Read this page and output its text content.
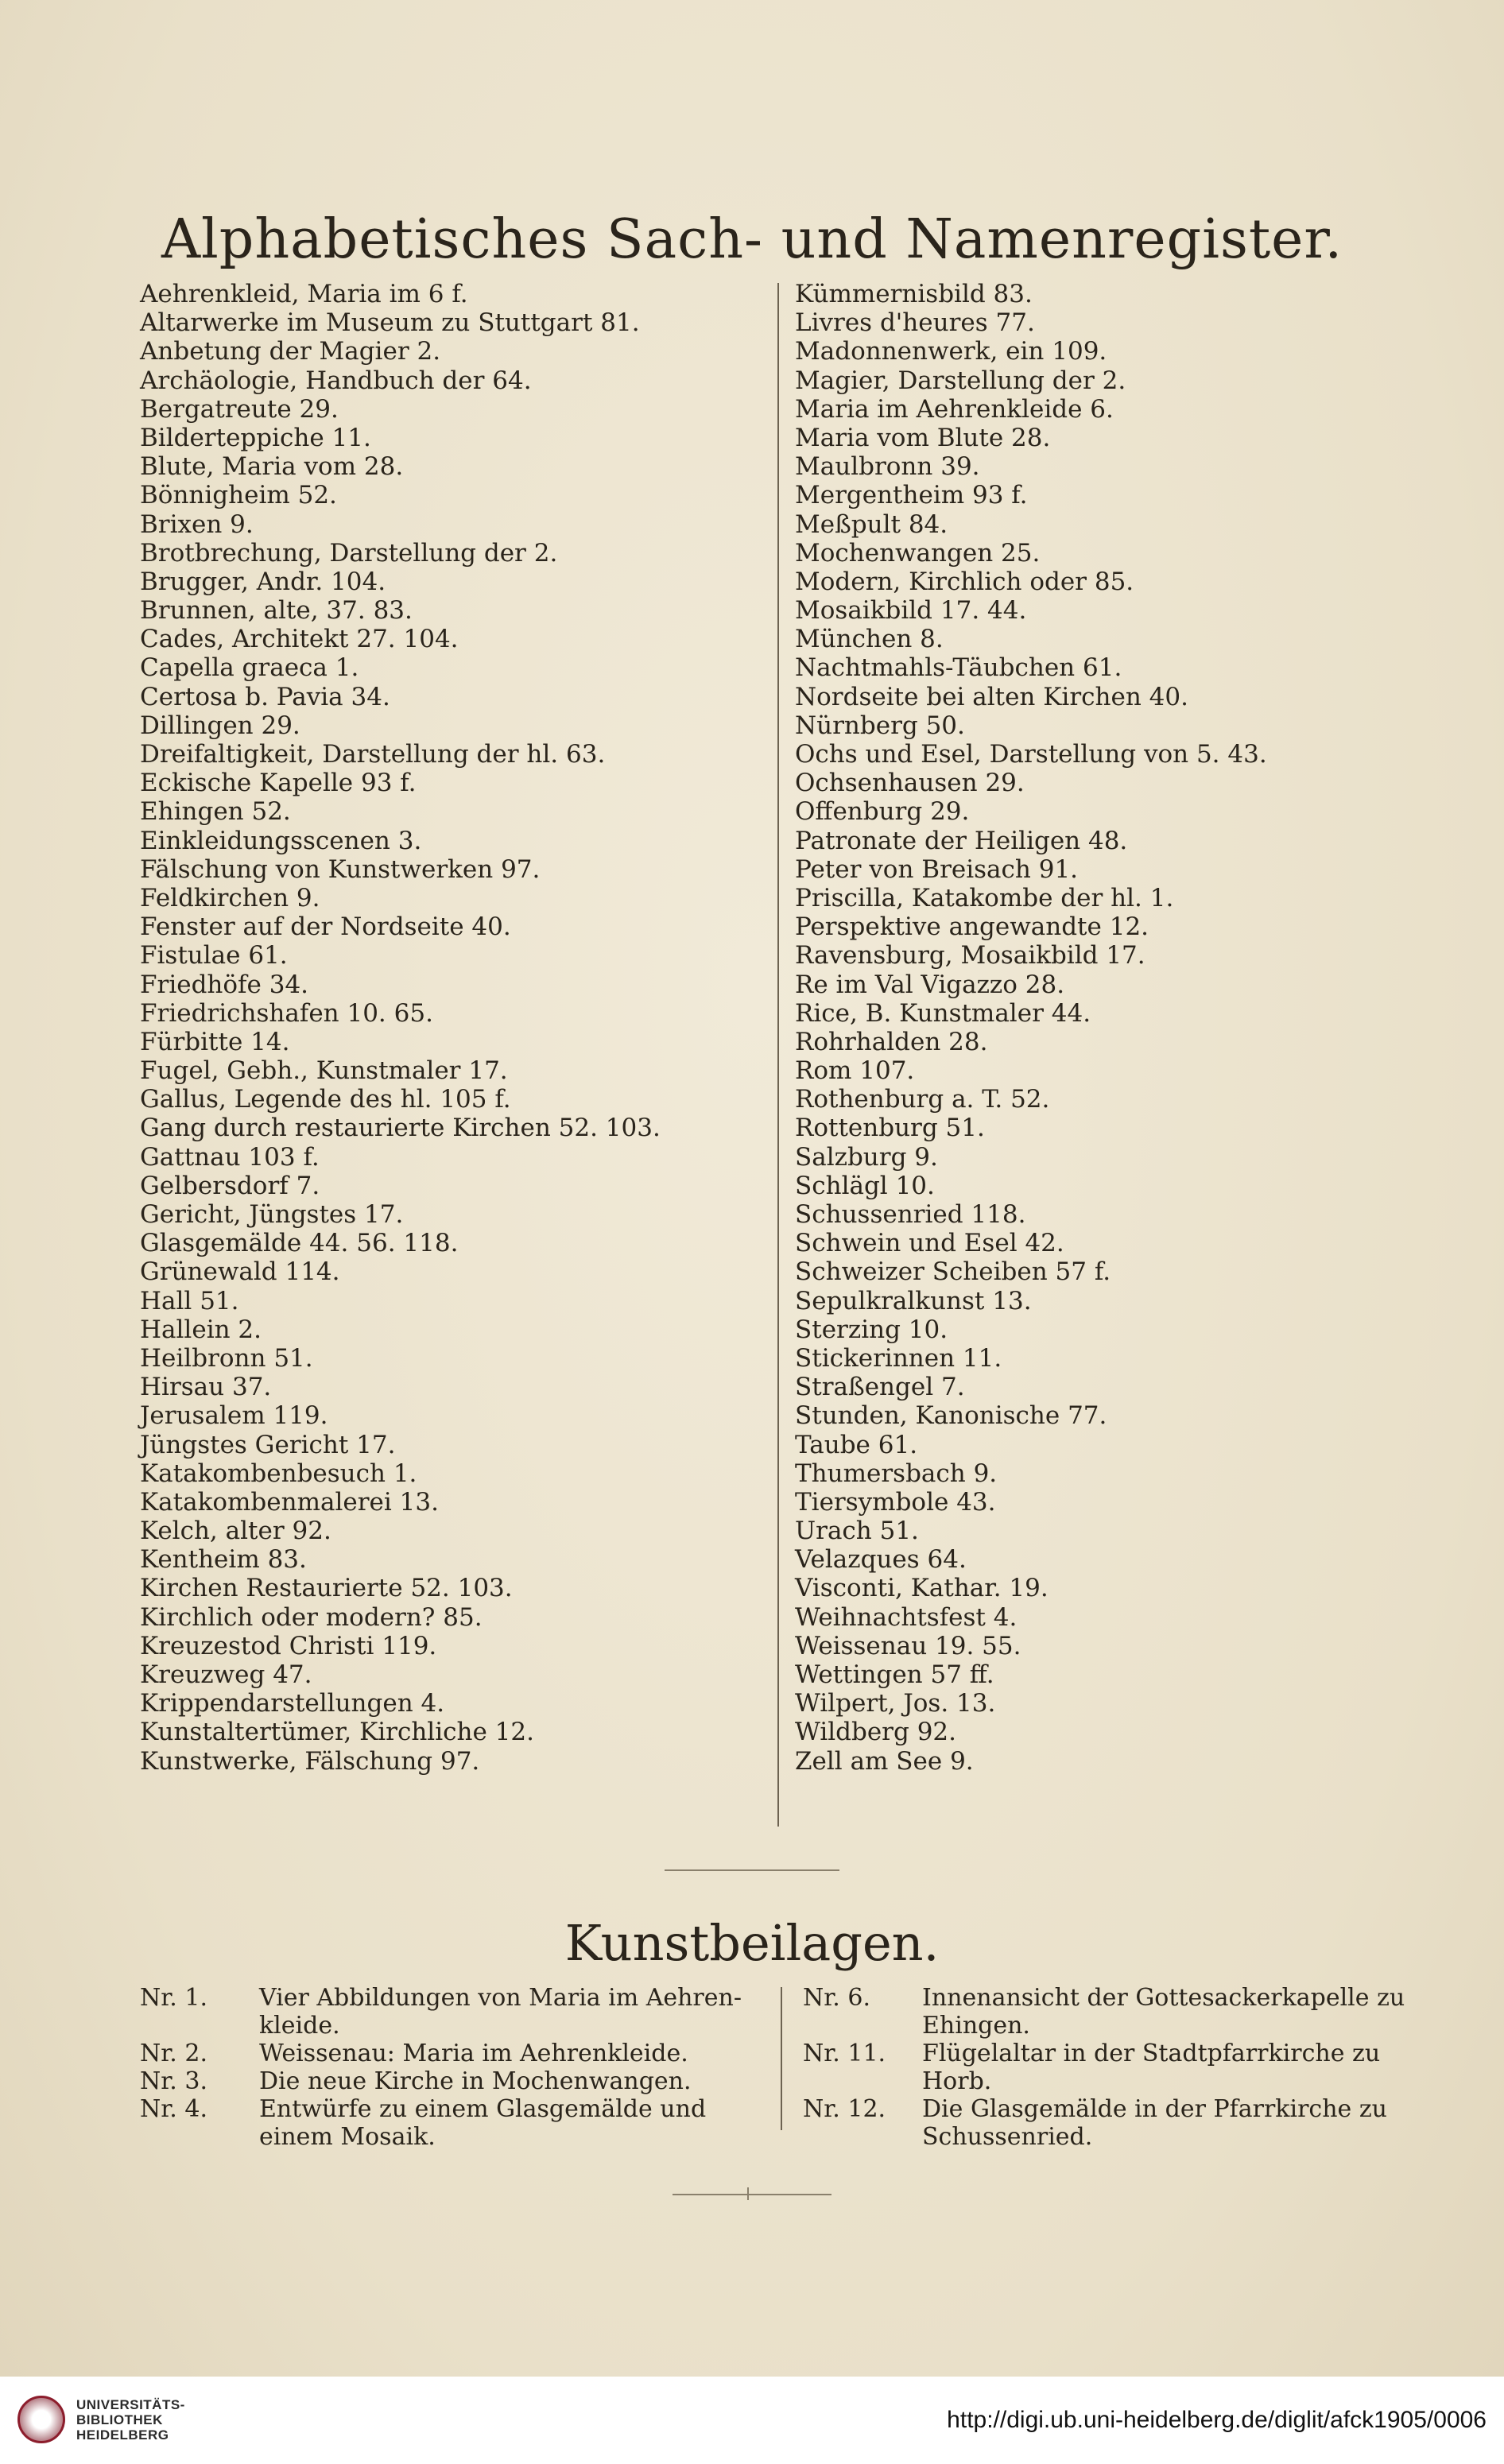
Alphabetisches Sach- und Namenregister.
Aehrenkleid, Maria im 6 f.
Altarwerke im Museum zu Stuttgart 81.
Anbetung der Magier 2.
Archäologie, Handbuch der 64.
Bergatreute 29.
Bilderteppiche 11.
Blute, Maria vom 28.
Bönnigheim 52.
Brixen 9.
Brotbrechung, Darstellung der 2.
Brugger, Andr. 104.
Brunnen, alte, 37. 83.
Cades, Architekt 27. 104.
Capella graeca 1.
Certosa b. Pavia 34.
Dillingen 29.
Dreifaltigkeit, Darstellung der hl. 63.
Eckische Kapelle 93 f.
Ehingen 52.
Einkleidungsscenen 3.
Fälschung von Kunstwerken 97.
Feldkirchen 9.
Fenster auf der Nordseite 40.
Fistulae 61.
Friedhöfe 34.
Friedrichshafen 10. 65.
Fürbitte 14.
Fugel, Gebh., Kunstmaler 17.
Gallus, Legende des hl. 105 f.
Gang durch restaurierte Kirchen 52. 103.
Gattnau 103 f.
Gelbersdorf 7.
Gericht, Jüngstes 17.
Glasgemälde 44. 56. 118.
Grünewald 114.
Hall 51.
Hallein 2.
Heilbronn 51.
Hirsau 37.
Jerusalem 119.
Jüngstes Gericht 17.
Katakombenbesuch 1.
Katakombenmalerei 13.
Kelch, alter 92.
Kentheim 83.
Kirchen Restaurierte 52. 103.
Kirchlich oder modern? 85.
Kreuzestod Christi 119.
Kreuzweg 47.
Krippendarstellungen 4.
Kunstaltertümer, Kirchliche 12.
Kunstwerke, Fälschung 97.
Kümmernisbild 83.
Livres d'heures 77.
Madonnenwerk, ein 109.
Magier, Darstellung der 2.
Maria im Aehrenkleide 6.
Maria vom Blute 28.
Maulbronn 39.
Mergentheim 93 f.
Meßpult 84.
Mochenwangen 25.
Modern, Kirchlich oder 85.
Mosaikbild 17. 44.
München 8.
Nachtmahls-Täubchen 61.
Nordseite bei alten Kirchen 40.
Nürnberg 50.
Ochs und Esel, Darstellung von 5. 43.
Ochsenhausen 29.
Offenburg 29.
Patronate der Heiligen 48.
Peter von Breisach 91.
Priscilla, Katakombe der hl. 1.
Perspektive angewandte 12.
Ravensburg, Mosaikbild 17.
Re im Val Vigazzo 28.
Rice, B. Kunstmaler 44.
Rohrhalden 28.
Rom 107.
Rothenburg a. T. 52.
Rottenburg 51.
Salzburg 9.
Schlägl 10.
Schussenried 118.
Schwein und Esel 42.
Schweizer Scheiben 57 f.
Sepulkralkunst 13.
Sterzing 10.
Stickerinnen 11.
Straßengel 7.
Stunden, Kanonische 77.
Taube 61.
Thumersbach 9.
Tiersymbole 43.
Urach 51.
Velazques 64.
Visconti, Kathar. 19.
Weihnachtsfest 4.
Weissenau 19. 55.
Wettingen 57 ff.
Wilpert, Jos. 13.
Wildberg 92.
Zell am See 9.
Kunstbeilagen.
Nr. 1.	Vier Abbildungen von Maria im Aehren-kleide.
Nr. 2.	Weissenau: Maria im Aehrenkleide.
Nr. 3.	Die neue Kirche in Mochenwangen.
Nr. 4.	Entwürfe zu einem Glasgemälde und einem Mosaik.
Nr. 6.	Innenansicht der Gottesackerkapelle zu Ehingen.
Nr. 11.	Flügelaltar in der Stadtpfarrkirche zu Horb.
Nr. 12.	Die Glasgemälde in der Pfarrkirche zu Schussenried.
UNIVERSITÄTS-
BIBLIOTHEK
HEIDELBERG
http://digi.ub.uni-heidelberg.de/diglit/afck1905/0006
